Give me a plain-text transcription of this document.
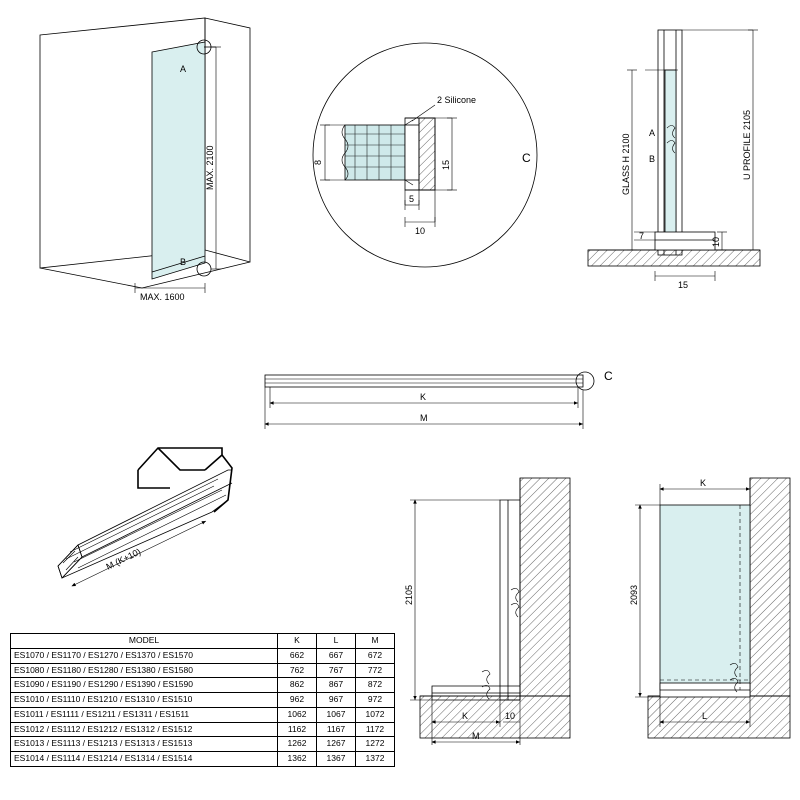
A
B
MAX. 2100
MAX. 1600
C
2 Silicone
8	15
5
10
GLASS H 2100	U PROFILE 2105
A
B
7
10
15
C
K
M
M (K+10)
2105
K	10
M
K
2093
L
MODEL	K	L	M
ES1070 / ES1170 / ES1270 / ES1370 / ES1570	662	667	672
ES1080 / ES1180 / ES1280 / ES1380 / ES1580	762	767	772
ES1090 / ES1190 / ES1290 / ES1390 / ES1590	862	867	872
ES1010 / ES1110 / ES1210 / ES1310 / ES1510	962	967	972
ES1011 / ES1111 / ES1211 / ES1311 / ES1511	1062	1067	1072
ES1012 / ES1112 / ES1212 / ES1312 / ES1512	1162	1167	1172
ES1013 / ES1113 / ES1213 / ES1313 / ES1513	1262	1267	1272
ES1014 / ES1114 / ES1214 / ES1314 / ES1514	1362	1367	1372
